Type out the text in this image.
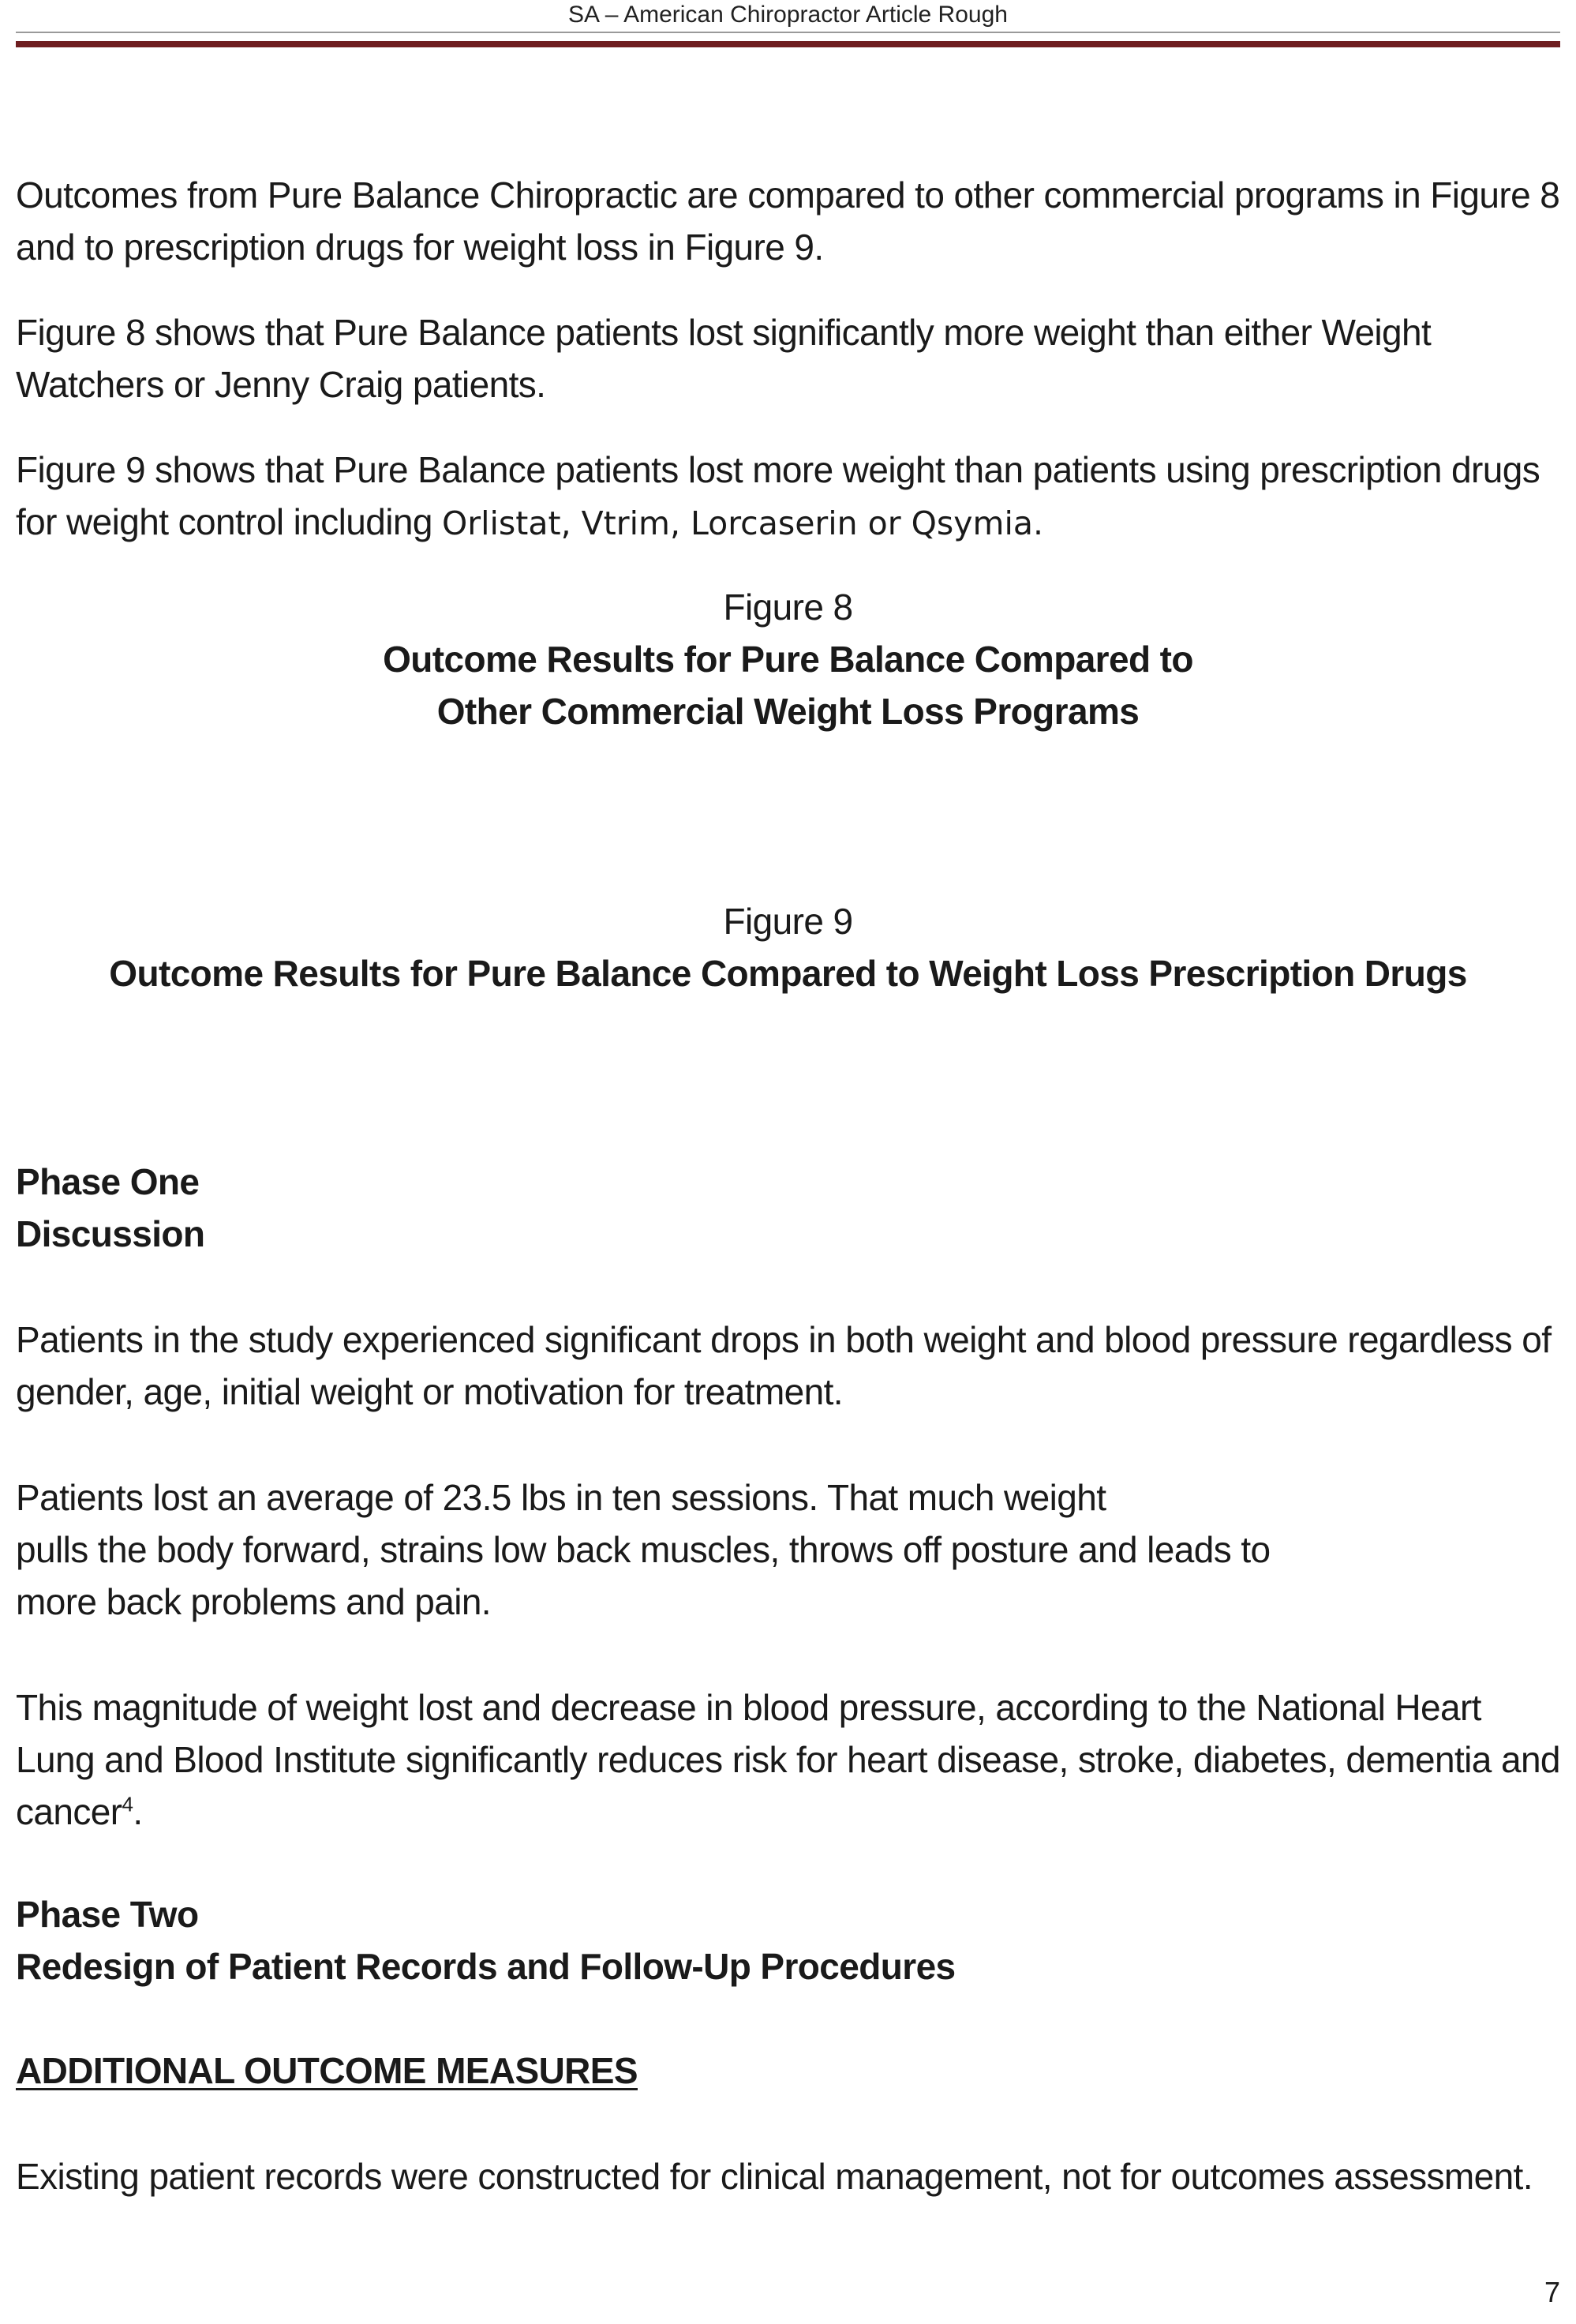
SA – American Chiropractor Article Rough

Outcomes from Pure Balance Chiropractic are compared to other commercial programs in Figure 8 and to prescription drugs for weight loss in Figure 9.

Figure 8 shows that Pure Balance patients lost significantly more weight than either Weight Watchers or Jenny Craig patients.

Figure 9 shows that Pure Balance patients lost more weight than patients using prescription drugs for weight control including Orlistat, Vtrim, Lorcaserin or Qsymia.

Figure 8
Outcome Results for Pure Balance Compared to
Other Commercial Weight Loss Programs
Figure 9
Outcome Results for Pure Balance Compared to Weight Loss Prescription Drugs
Phase One
Discussion

Patients in the study experienced significant drops in both weight and blood pressure regardless of gender, age, initial weight or motivation for treatment.

Patients lost an average of 23.5 lbs in ten sessions. That much weight
pulls the body forward, strains low back muscles, throws off posture and leads to
more back problems and pain.

This magnitude of weight lost and decrease in blood pressure, according to the National Heart Lung and Blood Institute significantly reduces risk for heart disease, stroke, diabetes, dementia and cancer$^4$.

Phase Two
Redesign of Patient Records and Follow-Up Procedures
ADDITIONAL OUTCOME MEASURES

Existing patient records were constructed for clinical management, not for outcomes assessment.

7
